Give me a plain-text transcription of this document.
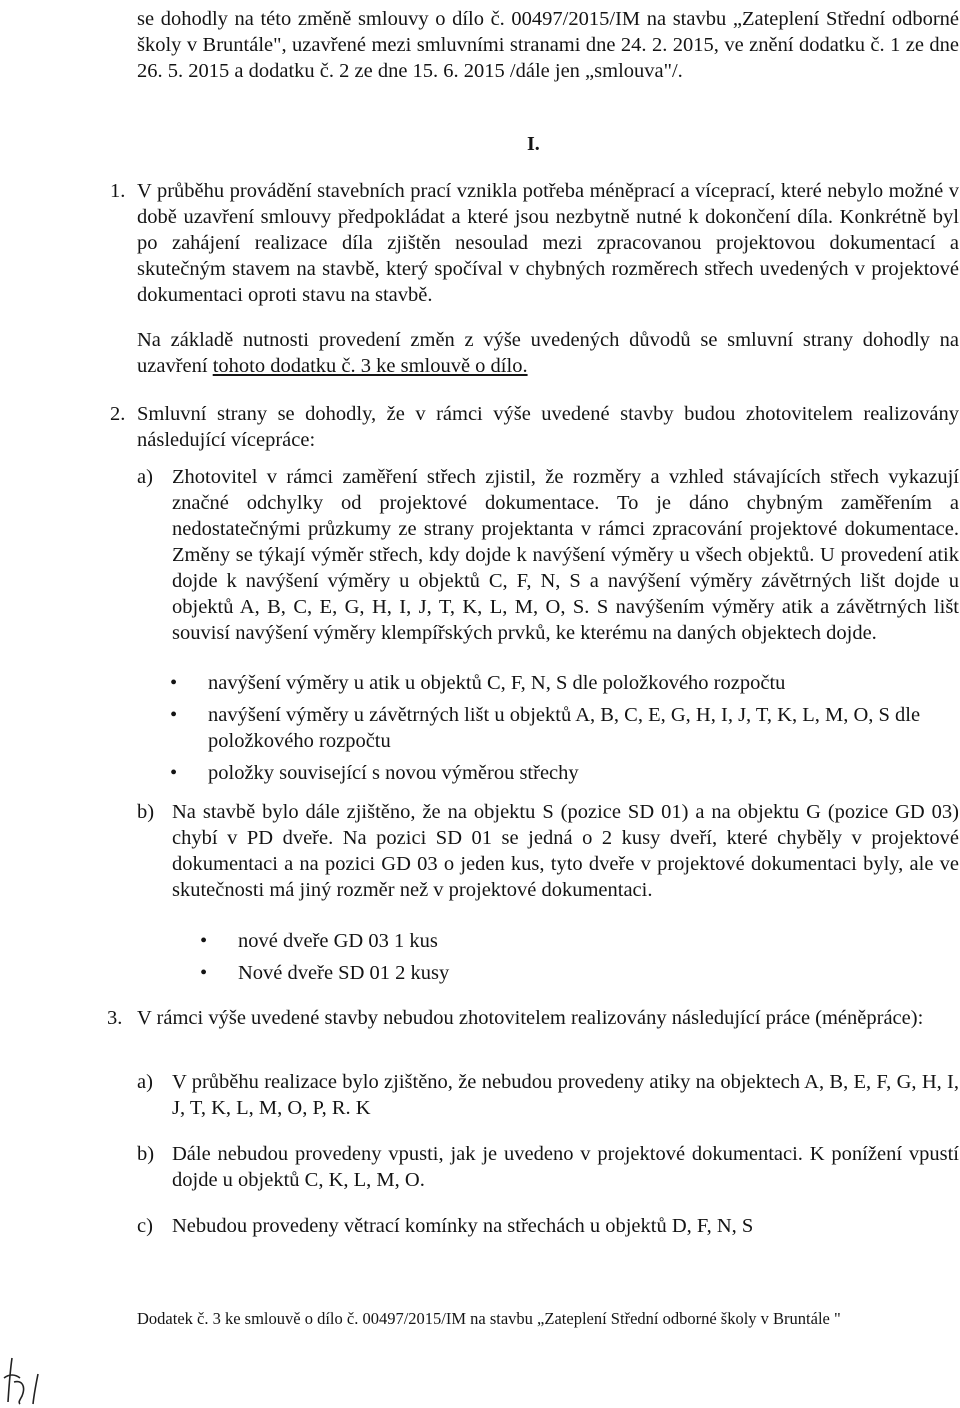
se dohodly na této změně smlouvy o dílo č. 00497/2015/IM na stavbu „Zateplení Střední odborné školy v Bruntále", uzavřené mezi smluvními stranami dne 24. 2. 2015, ve znění dodatku č. 1 ze dne 26. 5. 2015 a dodatku č. 2 ze dne 15. 6. 2015 /dále jen „smlouva"/.

I.
1. V průběhu provádění stavebních prací vznikla potřeba méněprací a víceprací, které nebylo možné v době uzavření smlouvy předpokládat a které jsou nezbytně nutné k dokončení díla. Konkrétně byl po zahájení realizace díla zjištěn nesoulad mezi zpracovanou projektovou dokumentací a skutečným stavem na stavbě, který spočíval v chybných rozměrech střech uvedených v projektové dokumentaci oproti stavu na stavbě.

Na základě nutnosti provedení změn z výše uvedených důvodů se smluvní strany dohodly na uzavření tohoto dodatku č. 3 ke smlouvě o dílo.

2. Smluvní strany se dohodly, že v rámci výše uvedené stavby budou zhotovitelem realizovány následující vícepráce:

a) Zhotovitel v rámci zaměření střech zjistil, že rozměry a vzhled stávajících střech vykazují značné odchylky od projektové dokumentace. To je dáno chybným zaměřením a nedostatečnými průzkumy ze strany projektanta v rámci zpracování projektové dokumentace. Změny se týkají výměr střech, kdy dojde k navýšení výměry u všech objektů. U provedení atik dojde k navýšení výměry u objektů C, F, N, S a navýšení výměry závětrných lišt dojde u objektů A, B, C, E, G, H, I, J, T, K, L, M, O, S. S navýšením výměry atik a závětrných lišt souvisí navýšení výměry klempířských prvků, ke kterému na daných objektech dojde.

• navýšení výměry u atik u objektů C, F, N, S dle položkového rozpočtu
• navýšení výměry u závětrných lišt u objektů A, B, C, E, G, H, I, J, T, K, L, M, O, S dle položkového rozpočtu
• položky související s novou výměrou střechy
b) Na stavbě bylo dále zjištěno, že na objektu S (pozice SD 01) a na objektu G (pozice GD 03) chybí v PD dveře. Na pozici SD 01 se jedná o 2 kusy dveří, které chyběly v projektové dokumentaci a na pozici GD 03 o jeden kus, tyto dveře v projektové dokumentaci byly, ale ve skutečnosti má jiný rozměr než v projektové dokumentaci.

• nové dveře GD 03 1 kus
• Nové dveře SD 01 2 kusy
3. V rámci výše uvedené stavby nebudou zhotovitelem realizovány následující práce (méněpráce):

a) V průběhu realizace bylo zjištěno, že nebudou provedeny atiky na objektech A, B, E, F, G, H, I, J, T, K, L, M, O, P, R. K

b) Dále nebudou provedeny vpusti, jak je uvedeno v projektové dokumentaci. K ponížení vpustí dojde u objektů C, K, L, M, O.

c) Nebudou provedeny větrací komínky na střechách u objektů D, F, N, S

Dodatek č. 3 ke smlouvě o dílo č. 00497/2015/IM na stavbu „Zateplení Střední odborné školy v Bruntále "
